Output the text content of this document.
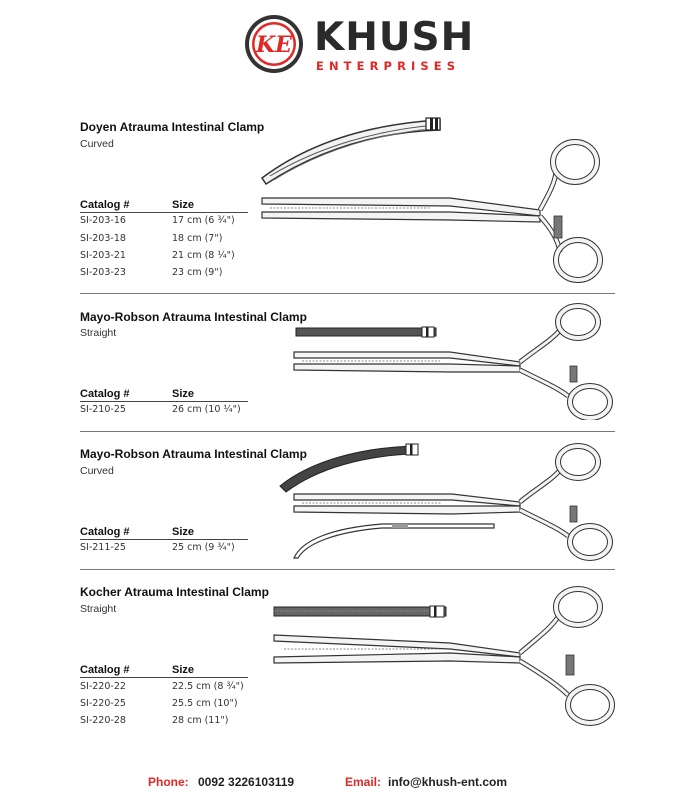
KE KHUSH
ENTERPRISES
Doyen Atrauma Intestinal Clamp
Curved
Catalog #	Size
SI-203-16	17 cm (6 ¾")
SI-203-18	18 cm (7")
SI-203-21	21 cm (8 ¼")
SI-203-23	23 cm (9")
Mayo-Robson Atrauma Intestinal Clamp
Straight
Catalog #	Size
SI-210-25	26 cm (10 ¼")
Mayo-Robson Atrauma Intestinal Clamp
Curved
Catalog #	Size
SI-211-25	25 cm (9 ¾")
Kocher Atrauma Intestinal Clamp
Straight
Catalog #	Size
SI-220-22	22.5 cm (8 ¾")
SI-220-25	25.5 cm (10")
SI-220-28	28 cm (11")
Phone: 0092 3226103119	Email: info@khush-ent.com
